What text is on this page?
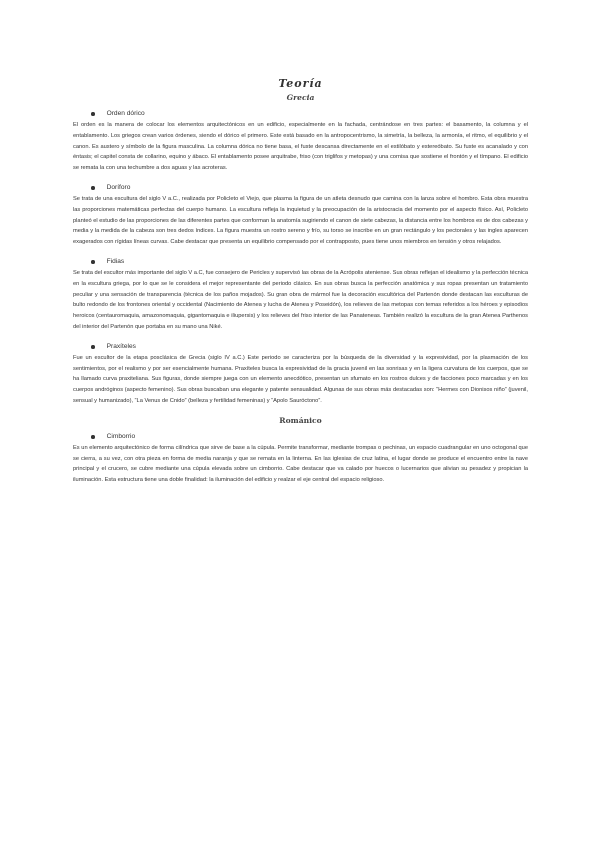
Teoría
Grecia
Orden dórico

El orden es la manera de colocar los elementos arquitectónicos en un edificio, especialmente en la fachada, centrándose en tres partes: el basamento, la columna y el entablamento. Los griegos crean varios órdenes, siendo el dórico el primero. Este está basado en la antropocentrismo, la simetría, la belleza, la armonía, el ritmo, el equilibrio y el canon. Es austero y símbolo de la figura masculina. La columna dórica no tiene basa, el fuste descansa directamente en el estilóbato y estereóbato. Su fuste es acanalado y con éntasis; el capitel consta de collarino, equino y ábaco. El entablamento posee arquitrabe, friso (con triglifos y metopas) y una cornisa que sostiene el frontón y el tímpano. El edificio se remata la con una techumbre a dos aguas y las acroteras.

Doríforo

Se trata de una escultura del siglo V a.C., realizada por Policleto el Viejo, que plasma la figura de un atleta desnudo que camina con la lanza sobre el hombro. Esta obra muestra las proporciones matemáticas perfectas del cuerpo humano. La escultura refleja la inquietud y la preocupación de la aristocracia del momento por el aspecto físico. Así, Policleto planteó el estudio de las proporciones de las diferentes partes que conforman la anatomía sugiriendo el canon de siete cabezas, la distancia entre los hombros es de dos cabezas y media y la medida de la cabeza son tres dedos índices. La figura muestra un rostro sereno y frío, su torso se inscribe en un gran rectángulo y los pectorales y las ingles aparecen exagerados con rígidas líneas curvas. Cabe destacar que presenta un equilibrio compensado por el contrapposto, pues tiene unos miembros en tensión y otros relajados.

Fidias

Se trata del escultor más importante del siglo V a.C, fue consejero de Pericles y supervisó las obras de la Acrópolis ateniense. Sus obras reflejan el idealismo y la perfección técnica en la escultura griega, por lo que se le considera el mejor representante del periodo clásico. En sus obras busca la perfección anatómica y sus ropas presentan un tratamiento peculiar y una sensación de transparencia (técnica de los paños mojados). Su gran obra de mármol fue la decoración escultórica del Partenón donde destacan las esculturas de bulto redondo de los frontones oriental y occidental (Nacimiento de Atenea y lucha de Atenea y Poseidón), los relieves de las metopas con temas referidos a los héroes y episodios heroicos (centauromaquia, amazonomaquia, gigantomaquia e iliupersis) y los relieves del friso interior de las Panateneas. También realizó la escultura de la gran Atenea Parthenos del interior del Partenón que portaba en su mano una Niké.

Praxíteles

Fue un escultor de la etapa posclásica de Grecia (siglo IV a.C.) Este periodo se caracteriza por la búsqueda de la diversidad y la expresividad, por la plasmación de los sentimientos, por el realismo y por ser esencialmente humana. Praxíteles busca la expresividad de la gracia juvenil en las sonrisas y en la ligera curvatura de los cuerpos, que se ha llamado curva praxiteliana. Sus figuras, donde siempre juega con un elemento anecdótico, presentan un sfumato en los rostros dulces y de facciones poco marcadas y en los cuerpos andróginos (aspecto femenino). Sus obras buscaban una elegante y patente sensualidad. Algunas de sus obras más destacadas son: “Hermes con Dionisos niño” (juvenil, sensual y humanizado), “La Venus de Cnido” (belleza y fertilidad femeninas) y “Apolo Sauróctono”.

Románico
Cimborrio

Es un elemento arquitectónico de forma cilíndrica que sirve de base a la cúpula. Permite transformar, mediante trompas o pechinas, un espacio cuadrangular en uno octogonal que se cierra, a su vez, con otra pieza en forma de media naranja y que se remata en la linterna. En las iglesias de cruz latina, el lugar donde se produce el encuentro entre la nave principal y el crucero, se cubre mediante una cúpula elevada sobre un cimborrio. Cabe destacar que va calado por huecos o lucernarios que alivian su pesadez y propician la iluminación. Esta estructura tiene una doble finalidad: la iluminación del edificio y realzar el eje central del espacio religioso.
